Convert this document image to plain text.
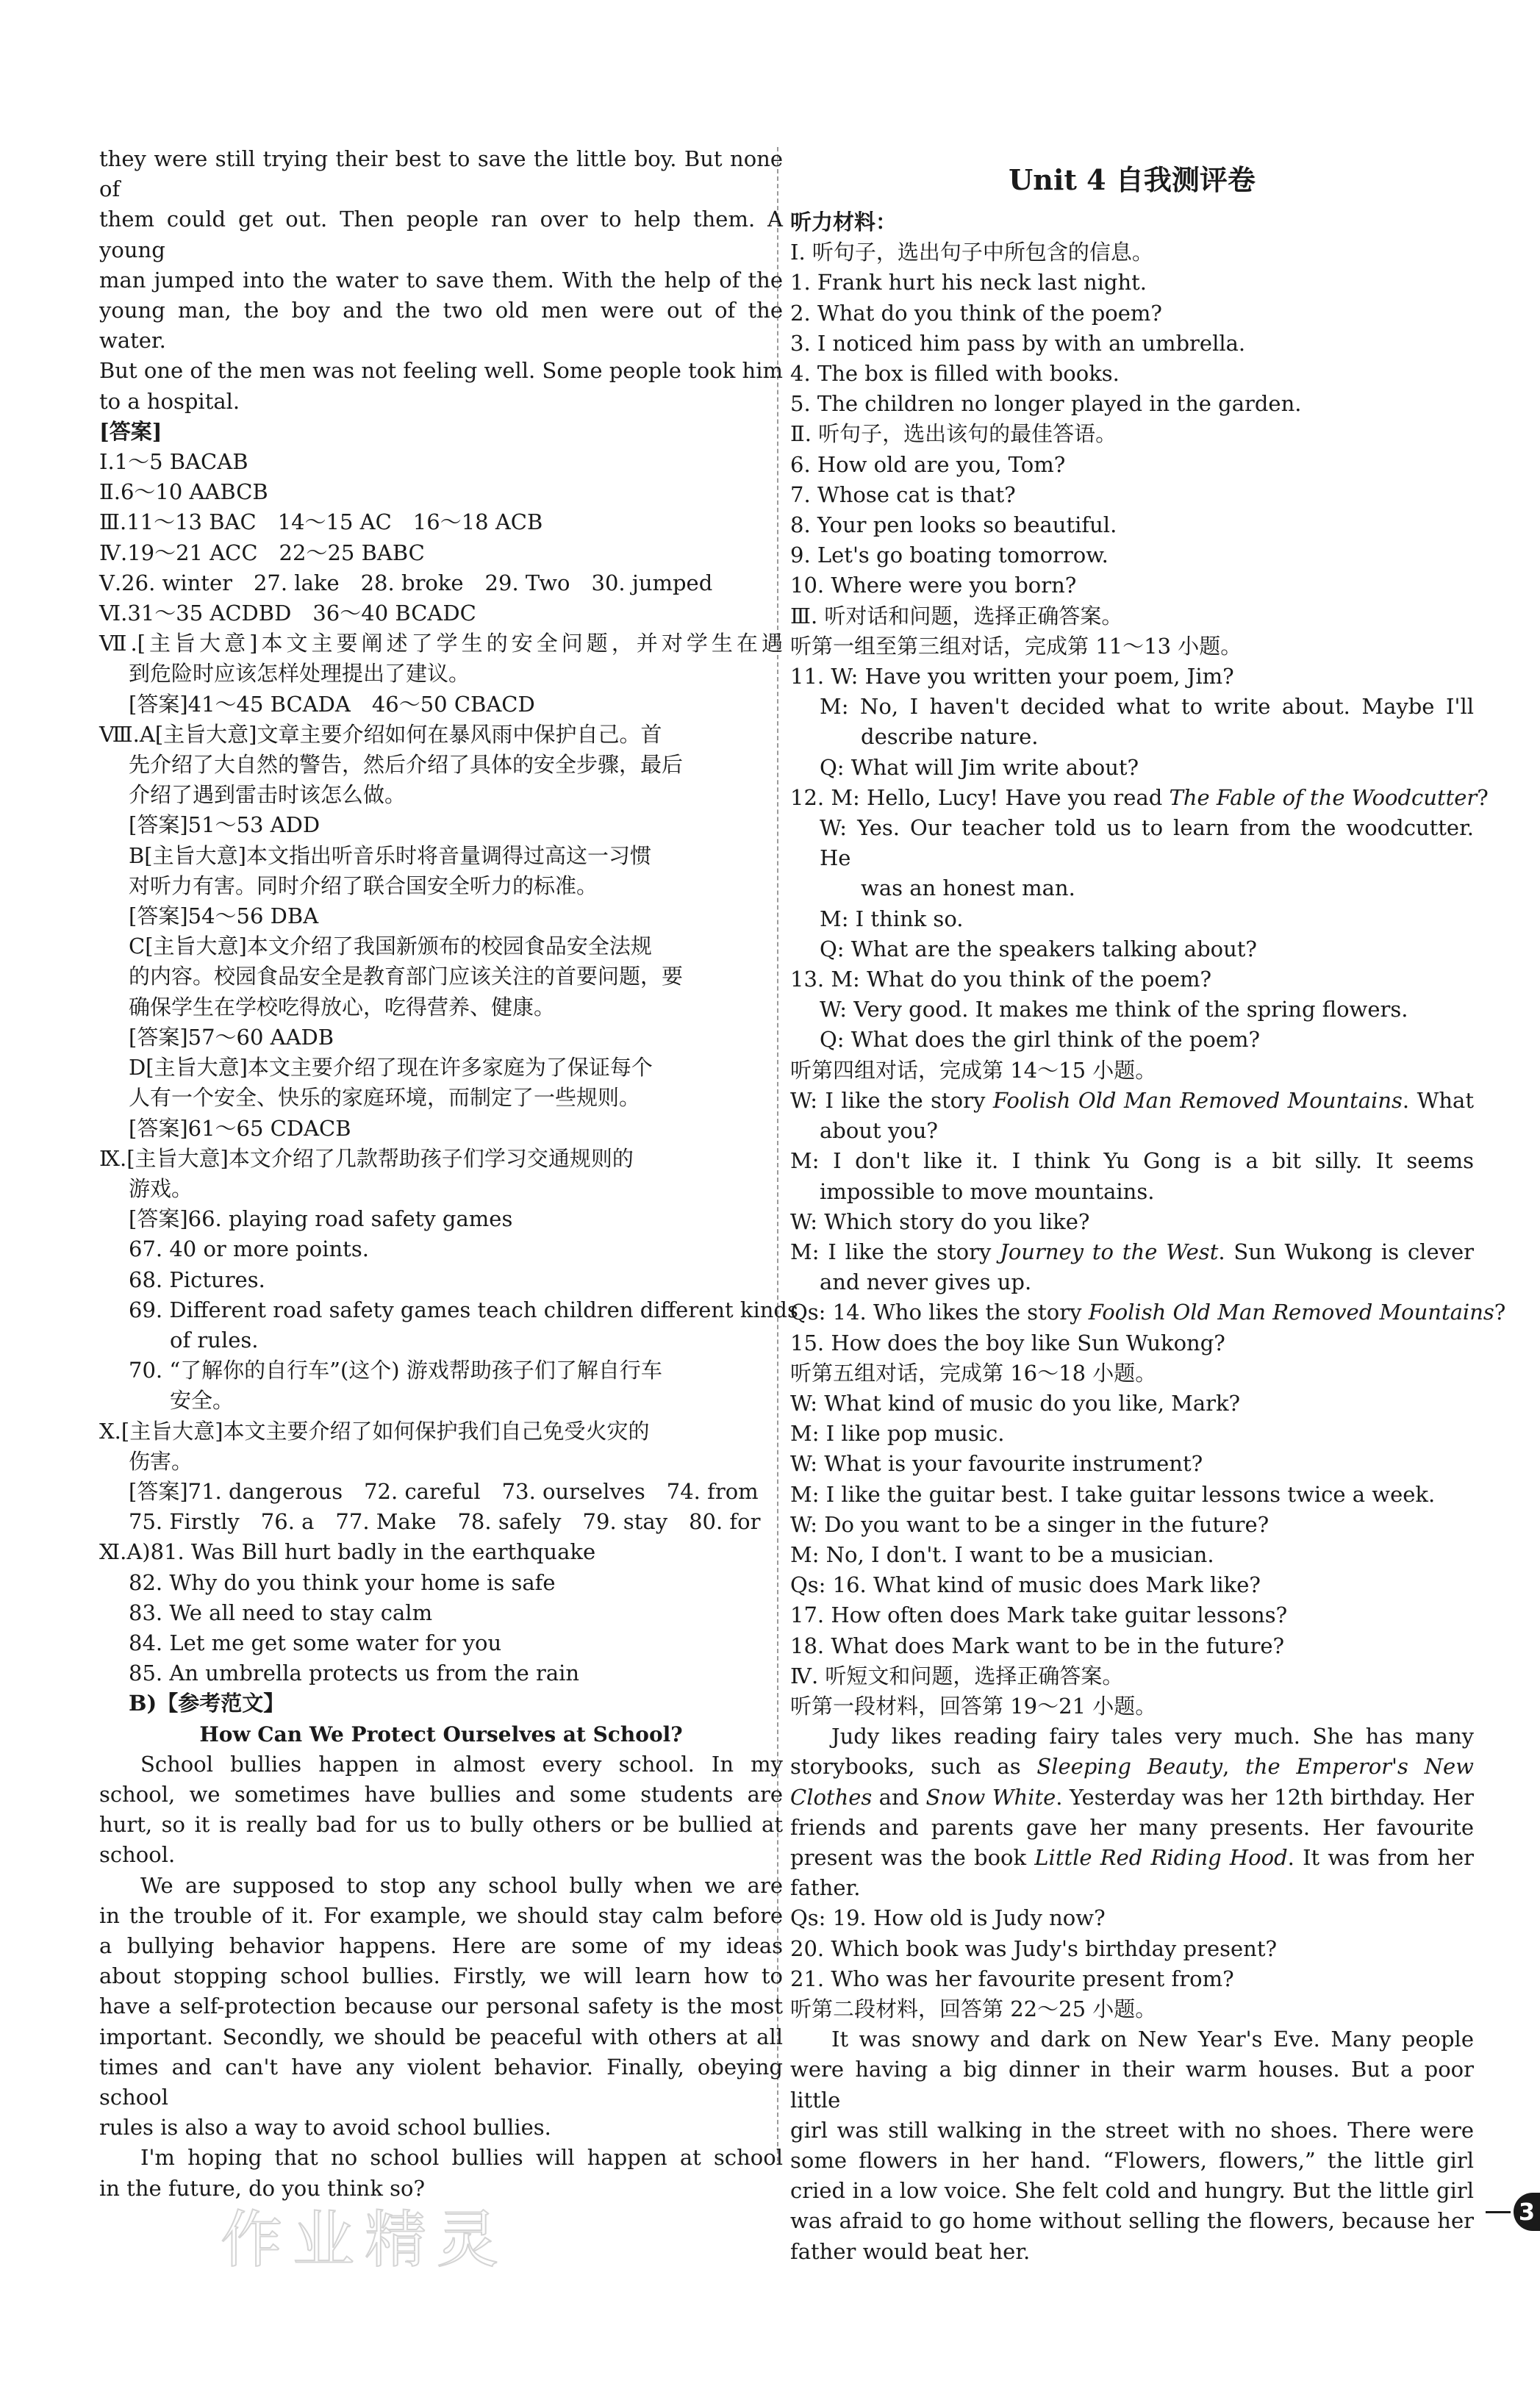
they were still trying their best to save the little boy. But none of
them could get out. Then people ran over to help them. A young
man jumped into the water to save them. With the help of the
young man, the boy and the two old men were out of the water.
But one of the men was not feeling well. Some people took him
to a hospital.
[答案]
Ⅰ.1～5 BACAB
Ⅱ.6～10 AABCB
Ⅲ.11～13 BAC　14～15 AC　16～18 ACB
Ⅳ.19～21 ACC　22～25 BABC
Ⅴ.26. winter　27. lake　28. broke　29. Two　30. jumped
Ⅵ.31～35 ACDBD　36～40 BCADC
Ⅶ.[主旨大意]本文主要阐述了学生的安全问题，并对学生在遇
到危险时应该怎样处理提出了建议。
[答案]41～45 BCADA　46～50 CBACD
Ⅷ.A[主旨大意]文章主要介绍如何在暴风雨中保护自己。首
先介绍了大自然的警告，然后介绍了具体的安全步骤，最后
介绍了遇到雷击时该怎么做。
[答案]51～53 ADD
B[主旨大意]本文指出听音乐时将音量调得过高这一习惯
对听力有害。同时介绍了联合国安全听力的标准。
[答案]54～56 DBA
C[主旨大意]本文介绍了我国新颁布的校园食品安全法规
的内容。校园食品安全是教育部门应该关注的首要问题，要
确保学生在学校吃得放心，吃得营养、健康。
[答案]57～60 AADB
D[主旨大意]本文主要介绍了现在许多家庭为了保证每个
人有一个安全、快乐的家庭环境，而制定了一些规则。
[答案]61～65 CDACB
Ⅸ.[主旨大意]本文介绍了几款帮助孩子们学习交通规则的
游戏。
[答案]66. playing road safety games
67. 40 or more points.
68. Pictures.
69. Different road safety games teach children different kinds
of rules.
70. “了解你的自行车”(这个) 游戏帮助孩子们了解自行车
安全。
Ⅹ.[主旨大意]本文主要介绍了如何保护我们自己免受火灾的
伤害。
[答案]71. dangerous　72. careful　73. ourselves　74. from
75. Firstly　76. a　77. Make　78. safely　79. stay　80. for
Ⅺ.A)81. Was Bill hurt badly in the earthquake
82. Why do you think your home is safe
83. We all need to stay calm
84. Let me get some water for you
85. An umbrella protects us from the rain
B)【参考范文】
How Can We Protect Ourselves at School?
School bullies happen in almost every school. In my
school, we sometimes have bullies and some students are
hurt, so it is really bad for us to bully others or be bullied at
school.
We are supposed to stop any school bully when we are
in the trouble of it. For example, we should stay calm before
a bullying behavior happens. Here are some of my ideas
about stopping school bullies. Firstly, we will learn how to
have a self-protection because our personal safety is the most
important. Secondly, we should be peaceful with others at all
times and can't have any violent behavior. Finally, obeying school
rules is also a way to avoid school bullies.
I'm hoping that no school bullies will happen at school
in the future, do you think so?
Unit 4 自我测评卷
听力材料：
Ⅰ. 听句子，选出句子中所包含的信息。
1. Frank hurt his neck last night.
2. What do you think of the poem?
3. I noticed him pass by with an umbrella.
4. The box is filled with books.
5. The children no longer played in the garden.
Ⅱ. 听句子，选出该句的最佳答语。
6. How old are you, Tom?
7. Whose cat is that?
8. Your pen looks so beautiful.
9. Let's go boating tomorrow.
10. Where were you born?
Ⅲ. 听对话和问题，选择正确答案。
听第一组至第三组对话，完成第 11～13 小题。
11. W: Have you written your poem, Jim?
M: No, I haven't decided what to write about. Maybe I'll
describe nature.
Q: What will Jim write about?
12. M: Hello, Lucy! Have you read The Fable of the Woodcutter?
W: Yes. Our teacher told us to learn from the woodcutter. He
was an honest man.
M: I think so.
Q: What are the speakers talking about?
13. M: What do you think of the poem?
W: Very good. It makes me think of the spring flowers.
Q: What does the girl think of the poem?
听第四组对话，完成第 14～15 小题。
W: I like the story Foolish Old Man Removed Mountains. What
about you?
M: I don't like it. I think Yu Gong is a bit silly. It seems
impossible to move mountains.
W: Which story do you like?
M: I like the story Journey to the West. Sun Wukong is clever
and never gives up.
Qs: 14. Who likes the story Foolish Old Man Removed Mountains?
15. How does the boy like Sun Wukong?
听第五组对话，完成第 16～18 小题。
W: What kind of music do you like, Mark?
M: I like pop music.
W: What is your favourite instrument?
M: I like the guitar best. I take guitar lessons twice a week.
W: Do you want to be a singer in the future?
M: No, I don't. I want to be a musician.
Qs: 16. What kind of music does Mark like?
17. How often does Mark take guitar lessons?
18. What does Mark want to be in the future?
Ⅳ. 听短文和问题，选择正确答案。
听第一段材料，回答第 19～21 小题。
Judy likes reading fairy tales very much. She has many
storybooks, such as Sleeping Beauty, the Emperor's New
Clothes and Snow White. Yesterday was her 12th birthday. Her
friends and parents gave her many presents. Her favourite
present was the book Little Red Riding Hood. It was from her
father.
Qs: 19. How old is Judy now?
20. Which book was Judy's birthday present?
21. Who was her favourite present from?
听第二段材料，回答第 22～25 小题。
It was snowy and dark on New Year's Eve. Many people
were having a big dinner in their warm houses. But a poor little
girl was still walking in the street with no shoes. There were
some flowers in her hand. “Flowers, flowers,” the little girl
cried in a low voice. She felt cold and hungry. But the little girl
was afraid to go home without selling the flowers, because her
father would beat her.
作业精灵	3
